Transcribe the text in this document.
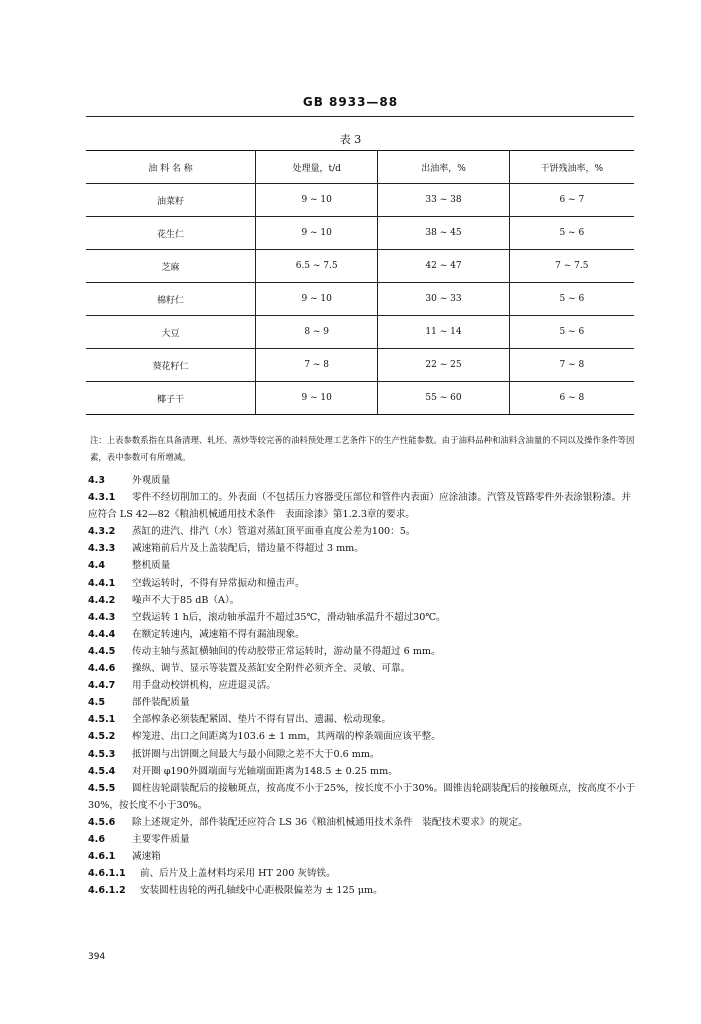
GB 8933—88
表 3
油 料 名 称	处理量，t/d	出油率，%	干饼残油率，%
油菜籽	9 ~ 10	33 ~ 38	6 ~ 7
花生仁	9 ~ 10	38 ~ 45	5 ~ 6
芝麻	6.5 ~ 7.5	42 ~ 47	7 ~ 7.5
棉籽仁	9 ~ 10	30 ~ 33	5 ~ 6
大豆	8 ~ 9	11 ~ 14	5 ~ 6
葵花籽仁	7 ~ 8	22 ~ 25	7 ~ 8
椰子干	9 ~ 10	55 ~ 60	6 ~ 8
注：上表参数系指在具备清理、轧坯、蒸炒等较完善的油料预处理工艺条件下的生产性能参数。由于油料品种和油料含油量的不同以及操作条件等因素，表中参数可有所增减。
4.3	外观质量
4.3.1 零件不经切削加工的。外表面（不包括压力容器受压部位和管件内表面）应涂油漆。汽管及管路零件外表涂银粉漆。并应符合 LS 42—82《粮油机械通用技术条件　表面涂漆》第1.2.3章的要求。
4.3.2 蒸缸的进汽、排汽（水）管道对蒸缸顶平面垂直度公差为100：5。
4.3.3 减速箱前后片及上盖装配后，错边量不得超过 3 mm。
4.4	整机质量
4.4.1 空载运转时，不得有异常振动和撞击声。
4.4.2 噪声不大于85 dB（A）。
4.4.3 空载运转 1 h后，滚动轴承温升不超过35℃，滑动轴承温升不超过30℃。
4.4.4 在额定转速内，减速箱不得有漏油现象。
4.4.5 传动主轴与蒸缸横轴间的传动胶带正常运转时，游动量不得超过 6 mm。
4.4.6 操纵、调节、显示等装置及蒸缸安全附件必须齐全、灵敏、可靠。
4.4.7 用手盘动校饼机构，应进退灵活。
4.5	部件装配质量
4.5.1 全部榨条必须装配紧固、垫片不得有冒出、遗漏、松动现象。
4.5.2 榨笼进、出口之间距离为103.6 ± 1 mm，其两端的榨条端面应该平整。
4.5.3 抵饼圈与出饼圈之间最大与最小间隙之差不大于0.6 mm。
4.5.4 对开圈 φ190外圆端面与光轴端面距离为148.5 ± 0.25 mm。
4.5.5 圆柱齿轮副装配后的接触斑点，按高度不小于25%，按长度不小于30%。圆锥齿轮副装配后的接触斑点，按高度不小于30%，按长度不小于30%。
4.5.6 除上述规定外，部件装配还应符合 LS 36《粮油机械通用技术条件　装配技术要求》的规定。
4.6	主要零件质量
4.6.1 减速箱
4.6.1.1 前、后片及上盖材料均采用 HT 200 灰铸铁。
4.6.1.2 安装圆柱齿轮的两孔轴线中心距极限偏差为 ± 125 μm。
394
